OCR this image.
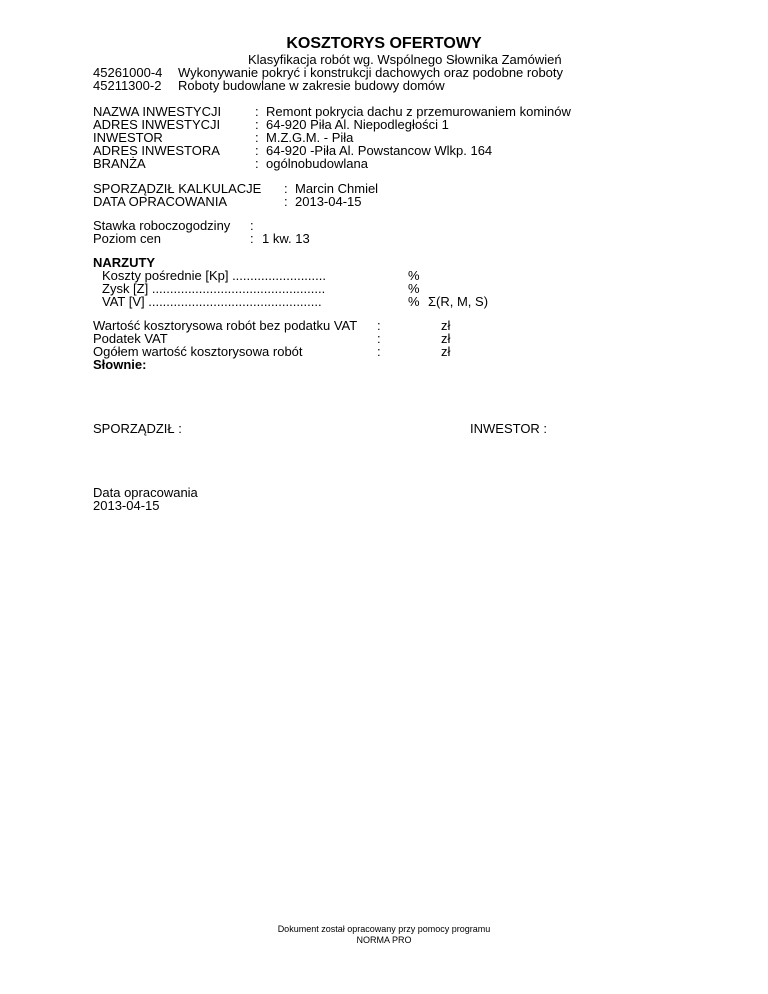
KOSZTORYS OFERTOWY
Klasyfikacja robót wg. Wspólnego Słownika Zamówień
45261000-4 Wykonywanie pokryć i konstrukcji dachowych oraz podobne roboty
45211300-2 Roboty budowlane w zakresie budowy domów
NAZWA INWESTYCJI	: Remont pokrycia dachu z przemurowaniem kominów
ADRES INWESTYCJI	: 64-920 Piła Al. Niepodległości 1
INWESTOR	: M.Z.G.M. - Piła
ADRES INWESTORA	: 64-920 -Piła Al. Powstancow Wlkp. 164
BRANŻA	: ogólnobudowlana
SPORZĄDZIŁ KALKULACJE : Marcin Chmiel
DATA OPRACOWANIA	: 2013-04-15
Stawka roboczogodziny :
Poziom cen	: 1 kw. 13
NARZUTY
Koszty pośrednie [Kp] ..........................	%
Zysk [Z] ................................................	%
VAT [V] ................................................	% Σ(R, M, S)
Wartość kosztorysowa robót bez podatku VAT :	zł
Podatek VAT	:	zł
Ogółem wartość kosztorysowa robót	:	zł
Słownie:
SPORZĄDZIŁ :	INWESTOR :
Data opracowania
2013-04-15
Dokument został opracowany przy pomocy programu
NORMA PRO
